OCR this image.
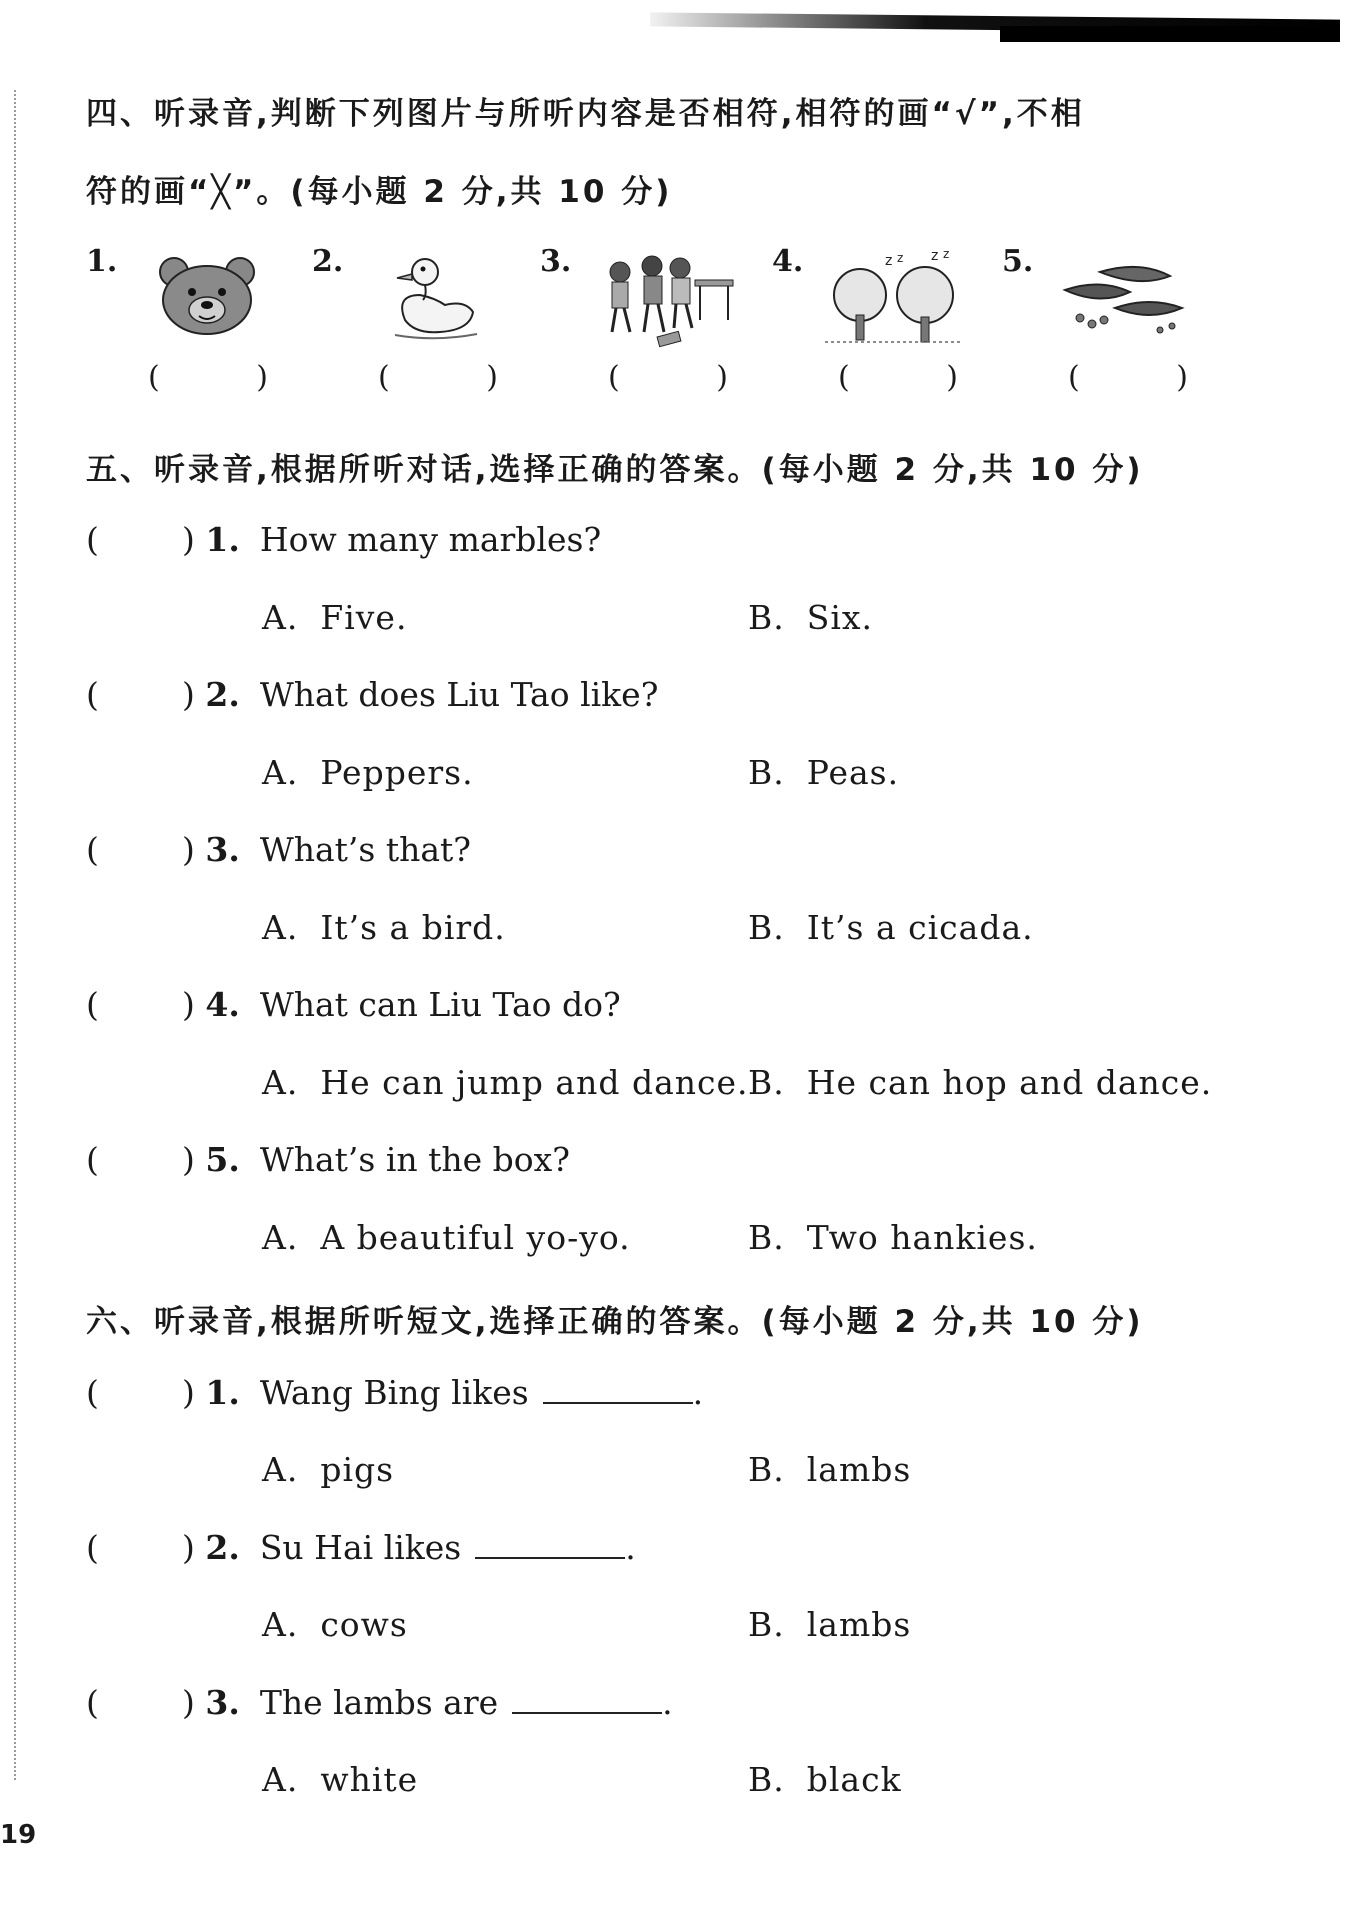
四、听录音,判断下列图片与所听内容是否相符,相符的画“√”,不相
符的画“╳”。(每小题 2 分,共 10 分)
1.
(	)
2.
(	)
3.
(	)
4.	z z z z
(	)
5.
(	)
五、听录音,根据所听对话,选择正确的答案。(每小题 2 分,共 10 分)
(	) 1. How many marbles?
A. Five.	B. Six.
(	) 2. What does Liu Tao like?
A. Peppers.	B. Peas.
(	) 3. What’s that?
A. It’s a bird.	B. It’s a cicada.
(	) 4. What can Liu Tao do?
A. He can jump and dance. B. He can hop and dance.
(	) 5. What’s in the box?
A. A beautiful yo-yo.	B. Two hankies.
六、听录音,根据所听短文,选择正确的答案。(每小题 2 分,共 10 分)
(	) 1. Wang Bing likes	.
A. pigs	B. lambs
(	) 2. Su Hai likes	.
A. cows	B. lambs
(	) 3. The lambs are	.
A. white	B. black
19
